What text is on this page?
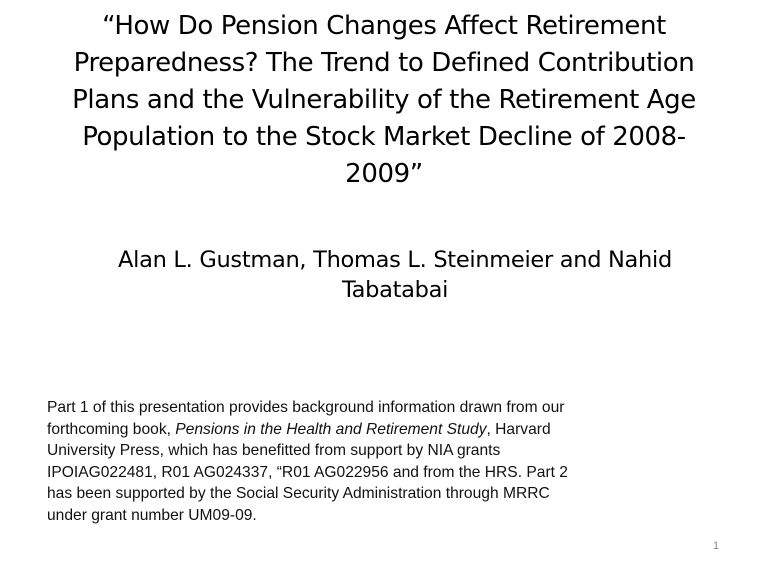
“How Do Pension Changes Affect Retirement
Preparedness? The Trend to Defined Contribution
Plans and the Vulnerability of the Retirement Age
Population to the Stock Market Decline of 2008-
2009”
Alan L. Gustman, Thomas L. Steinmeier and Nahid
Tabatabai
Part 1 of this presentation provides background information drawn from our
forthcoming book, Pensions in the Health and Retirement Study, Harvard
University Press, which has benefitted from support by NIA grants
IPOIAG022481, R01 AG024337, “R01 AG022956 and from the HRS. Part 2
has been supported by the Social Security Administration through MRRC
under grant number UM09-09.
1
